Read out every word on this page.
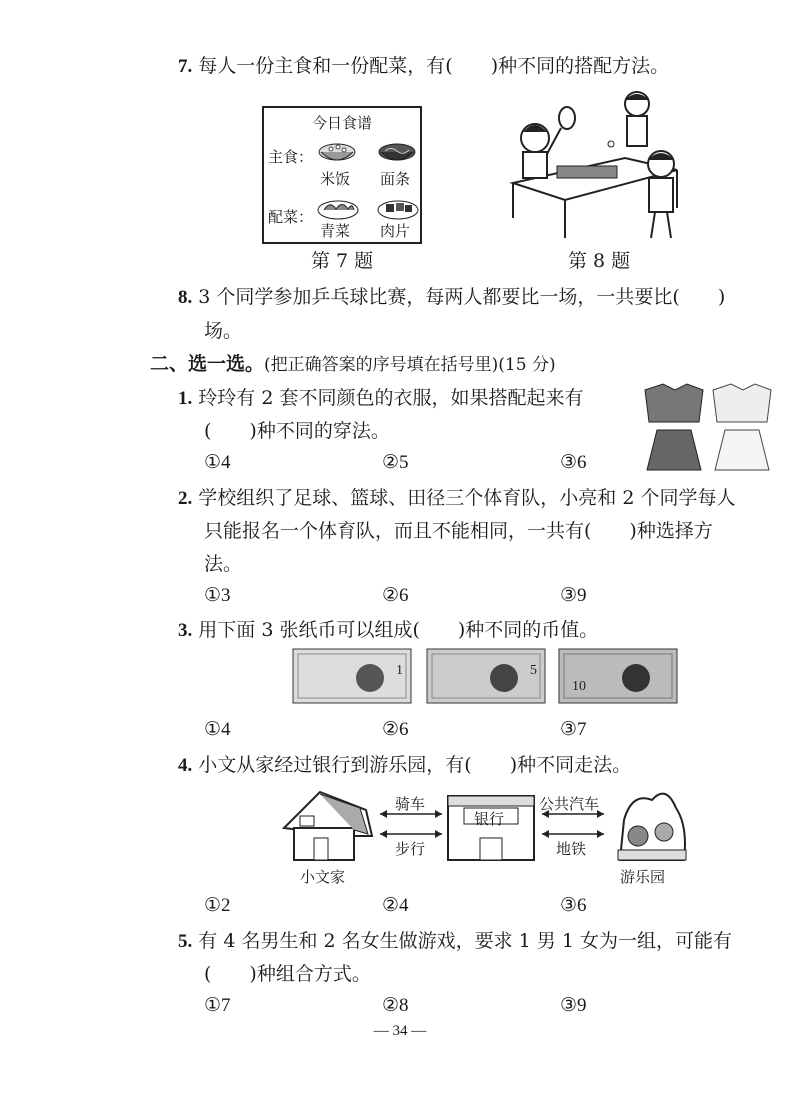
7. 每人一份主食和一份配菜，有(　　)种不同的搭配方法。
今日食谱
主食：
配菜：
米饭 面条
青菜 肉片
第 7 题	第 8 题
8. 3 个同学参加乒乓球比赛，每两人都要比一场，一共要比(　　)
场。
二、选一选。(把正确答案的序号填在括号里)(15 分)
1. 玲玲有 2 套不同颜色的衣服，如果搭配起来有
(　　)种不同的穿法。
①4	②5	③6
2. 学校组织了足球、篮球、田径三个体育队，小亮和 2 个同学每人
只能报名一个体育队，而且不能相同，一共有(　　)种选择方
法。
①3	②6	③9
3. 用下面 3 张纸币可以组成(　　)种不同的币值。
1	5
10
①4	②6	③7
4. 小文从家经过银行到游乐园，有(　　)种不同走法。
骑车
步行
银行
公共汽车
地铁
小文家	游乐园
①2	②4	③6
5. 有 4 名男生和 2 名女生做游戏，要求 1 男 1 女为一组，可能有
(　　)种组合方式。
①7	②8	③9
— 34 —
